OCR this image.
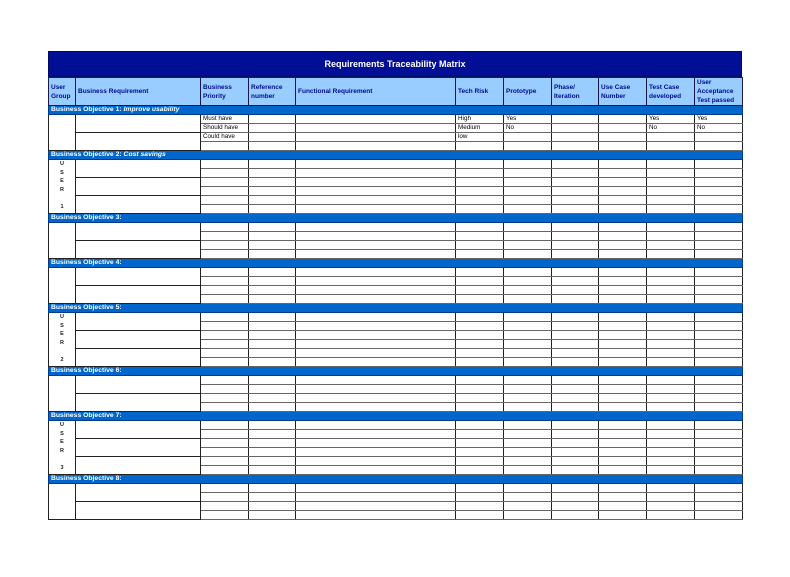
Requirements Traceability Matrix
User Group	Business Requirement	Business Priority	Reference number	Functional Requirement	Tech Risk	Prototype	Phase/ Iteration	Use Case Number	Test Case developed	User Acceptance Test passed
Business Objective 1: Improve usability										
		Must have			High	Yes			Yes	Yes
		Should have			Medium	No			No	No
		Could have			low					

Business Objective 2: Cost savings										

U
S
E
R
1										

Business Objective 3:										

Business Objective 4:										

Business Objective 5:										

U
S
E
R
2										

Business Objective 6:										

Business Objective 7:										

U
S
E
R
3										

Business Objective 8:										
